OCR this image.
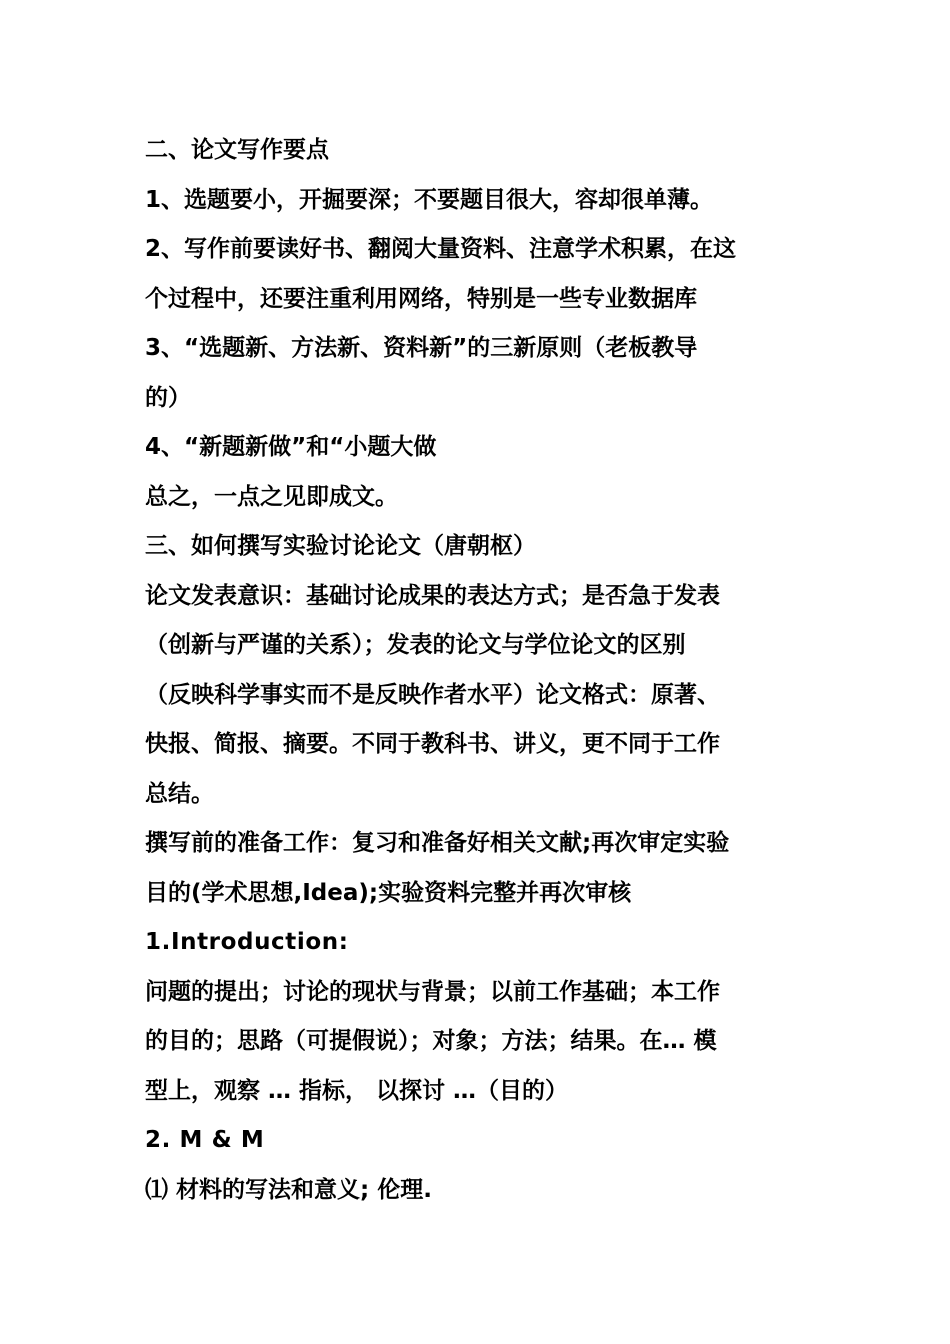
二、论文写作要点
1、选题要小，开掘要深；不要题目很大，容却很单薄。
2、写作前要读好书、翻阅大量资料、注意学术积累，在这
个过程中，还要注重利用网络，特别是一些专业数据库
3、“选题新、方法新、资料新”的三新原则（老板教导
的）
4、“新题新做”和“小题大做
总之，一点之见即成文。
三、如何撰写实验讨论论文（唐朝枢）
论文发表意识：基础讨论成果的表达方式；是否急于发表
（创新与严谨的关系）；发表的论文与学位论文的区别
（反映科学事实而不是反映作者水平）论文格式：原著、
快报、简报、摘要。不同于教科书、讲义，更不同于工作
总结。
撰写前的准备工作：复习和准备好相关文献;再次审定实验
目的(学术思想,Idea);实验资料完整并再次审核
1.Introduction:
问题的提出；讨论的现状与背景；以前工作基础；本工作
的目的；思路（可提假说）；对象；方法；结果。在… 模
型上，观察 … 指标， 以探讨 …（目的）
2. M & M
⑴ 材料的写法和意义; 伦理.
